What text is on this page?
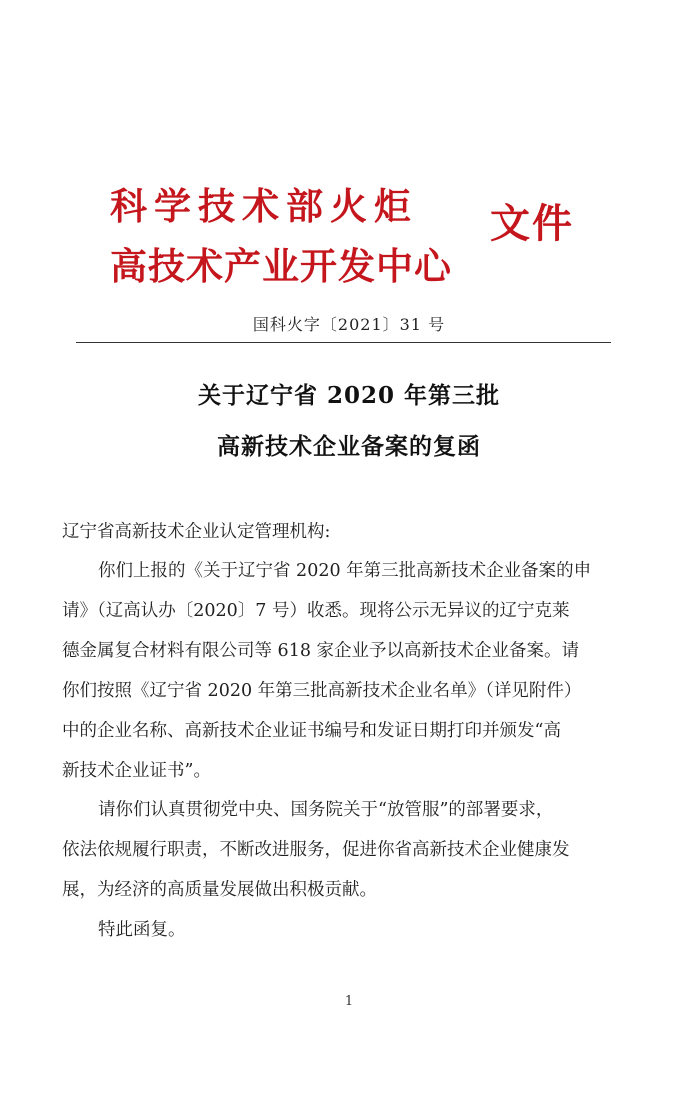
科学技术部火炬
高技术产业开发中心
文件
国科火字〔2021〕31 号
关于辽宁省 2020 年第三批
高新技术企业备案的复函
辽宁省高新技术企业认定管理机构:
你们上报的《关于辽宁省 2020 年第三批高新技术企业备案的申
请》（辽高认办〔2020〕7 号）收悉。现将公示无异议的辽宁克莱
德金属复合材料有限公司等 618 家企业予以高新技术企业备案。请
你们按照《辽宁省 2020 年第三批高新技术企业名单》（详见附件）
中的企业名称、高新技术企业证书编号和发证日期打印并颁发“高
新技术企业证书”。
请你们认真贯彻党中央、国务院关于“放管服”的部署要求，
依法依规履行职责，不断改进服务，促进你省高新技术企业健康发
展，为经济的高质量发展做出积极贡献。
特此函复。
1
